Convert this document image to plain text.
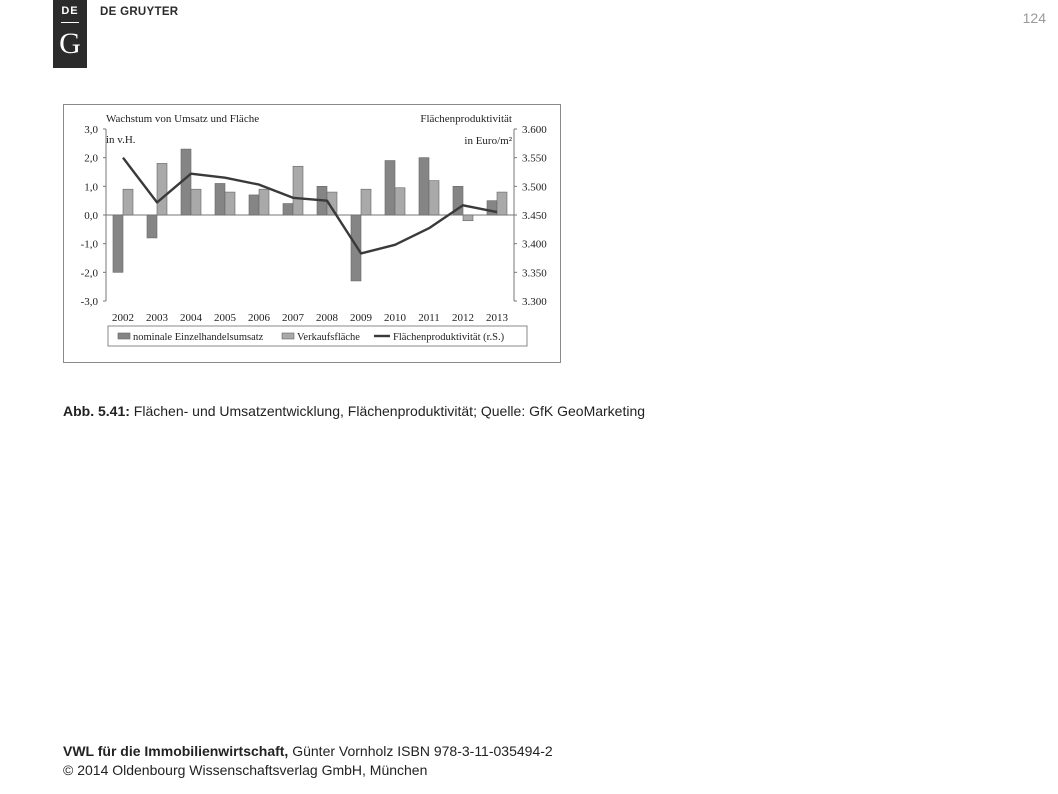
DE
G
DE GRUYTER	124
3,0
2,0
1,0
0,0
-1,0
-2,0
-3,0
3.600
3.550
3.500
3.450
3.400
3.350
3.300
2002 2003 2004 2005 2006 2007 2008 2009 2010 2011 2012 2013
Wachstum von Umsatz und Fläche
in v.H.
Flächenproduktivität
in Euro/m²
nominale Einzelhandelsumsatz	Verkaufsfläche	Flächenproduktivität (r.S.)
Abb. 5.41: Flächen- und Umsatzentwicklung, Flächenproduktivität; Quelle: GfK GeoMarketing
VWL für die Immobilienwirtschaft, Günter Vornholz ISBN 978-3-11-035494-2
© 2014 Oldenbourg Wissenschaftsverlag GmbH, München
